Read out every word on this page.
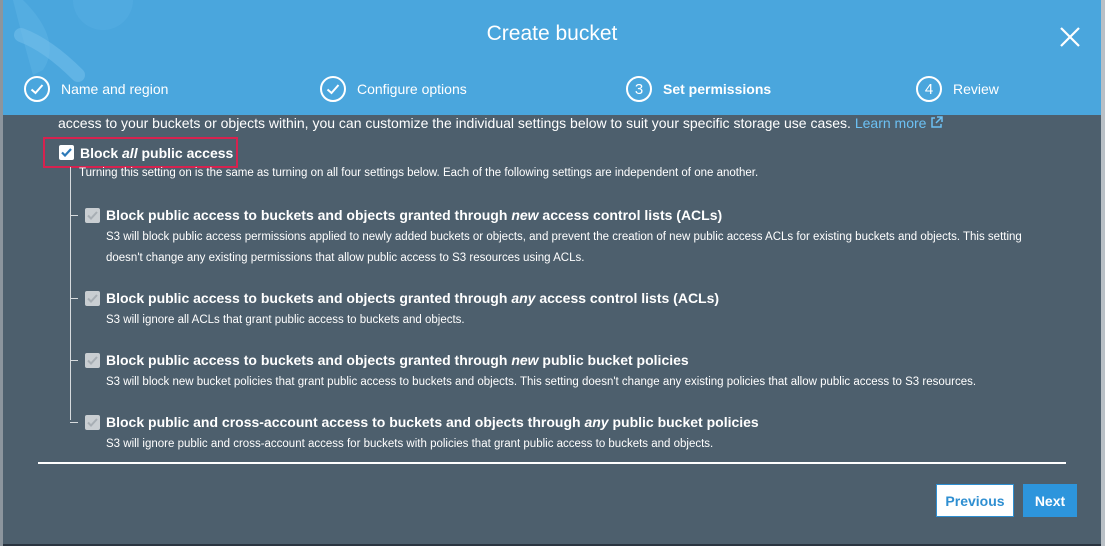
Create bucket
Name and region	Configure options	3	Set permissions	4	Review
access to your buckets or objects within, you can customize the individual settings below to suit your specific storage use cases. Learn more
Block all public access
Turning this setting on is the same as turning on all four settings below. Each of the following settings are independent of one another.
Block public access to buckets and objects granted through new access control lists (ACLs)
S3 will block public access permissions applied to newly added buckets or objects, and prevent the creation of new public access ACLs for existing buckets and objects. This setting doesn't change any existing permissions that allow public access to S3 resources using ACLs.
Block public access to buckets and objects granted through any access control lists (ACLs)
S3 will ignore all ACLs that grant public access to buckets and objects.
Block public access to buckets and objects granted through new public bucket policies
S3 will block new bucket policies that grant public access to buckets and objects. This setting doesn't change any existing policies that allow public access to S3 resources.
Block public and cross-account access to buckets and objects through any public bucket policies
S3 will ignore public and cross-account access for buckets with policies that grant public access to buckets and objects.
Previous	Next
